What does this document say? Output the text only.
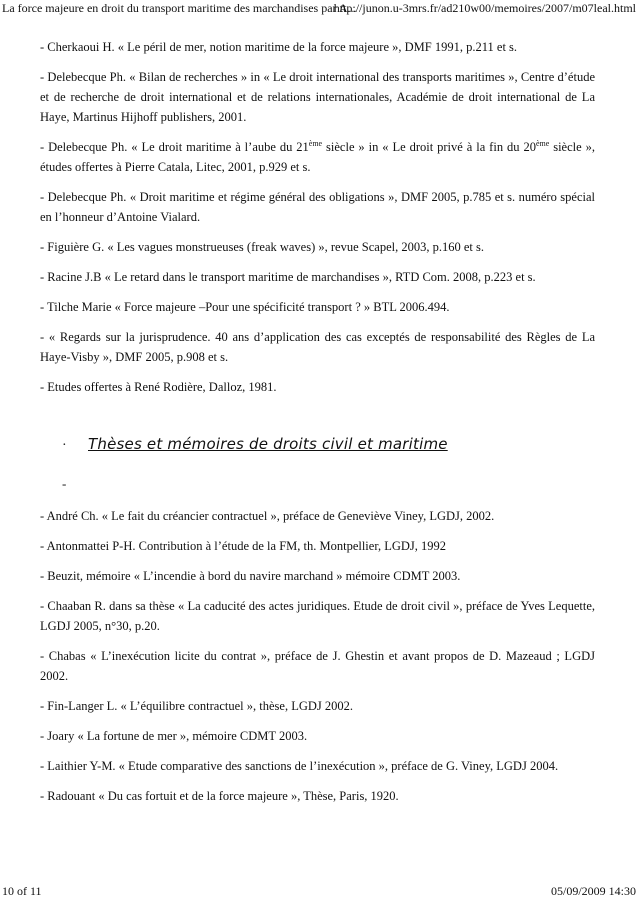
La force majeure en droit du transport maritime des marchandises par A...
http://junon.u-3mrs.fr/ad210w00/memoires/2007/m07leal.html

- Cherkaoui H. « Le péril de mer, notion maritime de la force majeure », DMF 1991, p.211 et s.

- Delebecque Ph. « Bilan de recherches » in « Le droit international des transports maritimes », Centre d’étude et de recherche de droit international et de relations internationales, Académie de droit international de La Haye, Martinus Hijhoff publishers, 2001.

- Delebecque Ph. « Le droit maritime à l’aube du 21ème siècle » in « Le droit privé à la fin du 20ème siècle », études offertes à Pierre Catala, Litec, 2001, p.929 et s.

- Delebecque Ph. « Droit maritime et régime général des obligations », DMF 2005, p.785 et s. numéro spécial en l’honneur d’Antoine Vialard.

- Figuière G. « Les vagues monstrueuses (freak waves) », revue Scapel, 2003, p.160 et s.

- Racine J.B « Le retard dans le transport maritime de marchandises », RTD Com. 2008, p.223 et s.

- Tilche Marie « Force majeure –Pour une spécificité transport ? » BTL 2006.494.

- « Regards sur la jurisprudence. 40 ans d’application des cas exceptés de responsabilité des Règles de La Haye-Visby », DMF 2005, p.908 et s.

- Etudes offertes à René Rodière, Dalloz, 1981.

·	Thèses et mémoires de droits civil et maritime
-

- André Ch. « Le fait du créancier contractuel », préface de Geneviève Viney, LGDJ, 2002.

- Antonmattei P-H. Contribution à l’étude de la FM, th. Montpellier, LGDJ, 1992

- Beuzit, mémoire « L’incendie à bord du navire marchand » mémoire CDMT 2003.

- Chaaban R. dans sa thèse « La caducité des actes juridiques. Etude de droit civil », préface de Yves Lequette, LGDJ 2005, n°30, p.20.

- Chabas « L’inexécution licite du contrat », préface de J. Ghestin et avant propos de D. Mazeaud ; LGDJ 2002.

- Fin-Langer L. « L’équilibre contractuel », thèse, LGDJ 2002.

- Joary « La fortune de mer », mémoire CDMT 2003.

- Laithier Y-M. « Etude comparative des sanctions de l’inexécution », préface de G. Viney, LGDJ 2004.

- Radouant « Du cas fortuit et de la force majeure », Thèse, Paris, 1920.

10 of 11	05/09/2009 14:30
